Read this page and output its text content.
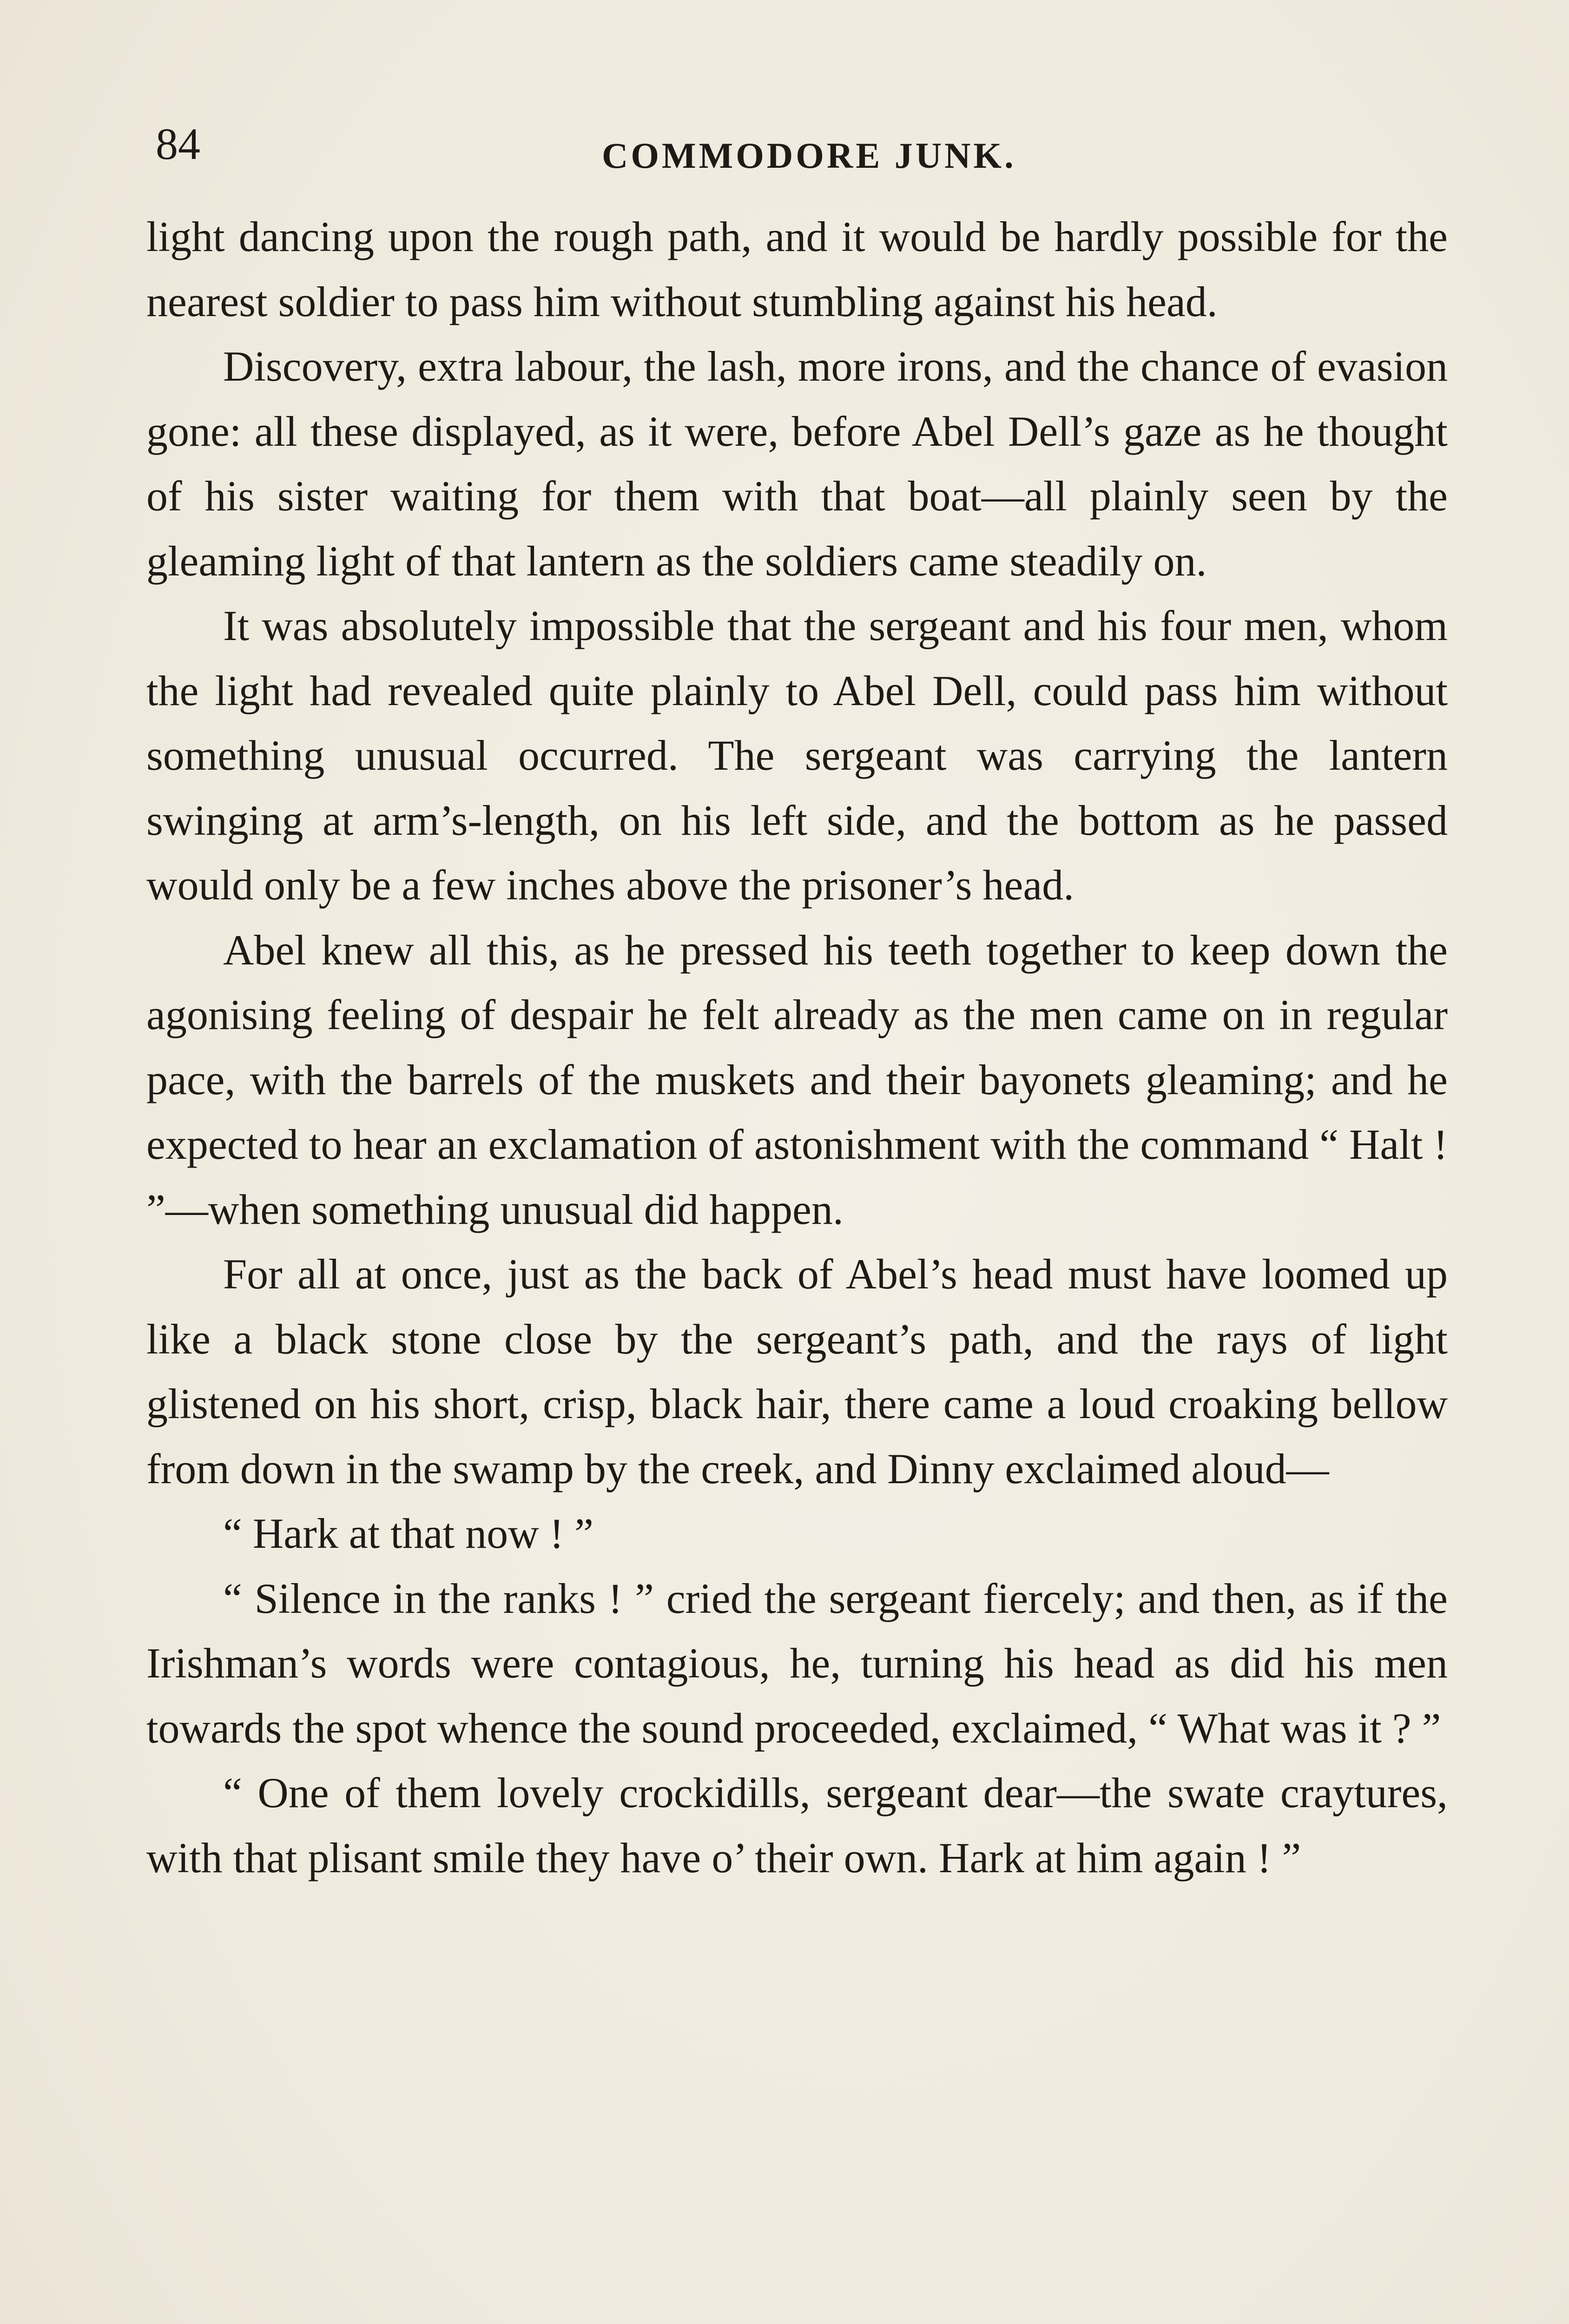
84	COMMODORE JUNK.

light dancing upon the rough path, and it would be hardly possible for the nearest soldier to pass him without stumbling against his head.

Discovery, extra labour, the lash, more irons, and the chance of evasion gone: all these displayed, as it were, before Abel Dell’s gaze as he thought of his sister waiting for them with that boat—all plainly seen by the gleaming light of that lantern as the soldiers came steadily on.

It was absolutely impossible that the sergeant and his four men, whom the light had revealed quite plainly to Abel Dell, could pass him without something unusual occurred. The sergeant was carrying the lantern swinging at arm’s-length, on his left side, and the bottom as he passed would only be a few inches above the prisoner’s head.

Abel knew all this, as he pressed his teeth together to keep down the agonising feeling of despair he felt already as the men came on in regular pace, with the barrels of the muskets and their bayonets gleaming; and he expected to hear an exclamation of astonishment with the command “ Halt ! ”—when something unusual did happen.

For all at once, just as the back of Abel’s head must have loomed up like a black stone close by the sergeant’s path, and the rays of light glistened on his short, crisp, black hair, there came a loud croaking bellow from down in the swamp by the creek, and Dinny exclaimed aloud—

“ Hark at that now ! ”

“ Silence in the ranks ! ” cried the sergeant fiercely; and then, as if the Irishman’s words were contagious, he, turning his head as did his men towards the spot whence the sound proceeded, exclaimed, “ What was it ? ”

“ One of them lovely crockidills, sergeant dear—the swate craytures, with that plisant smile they have o’ their own. Hark at him again ! ”
